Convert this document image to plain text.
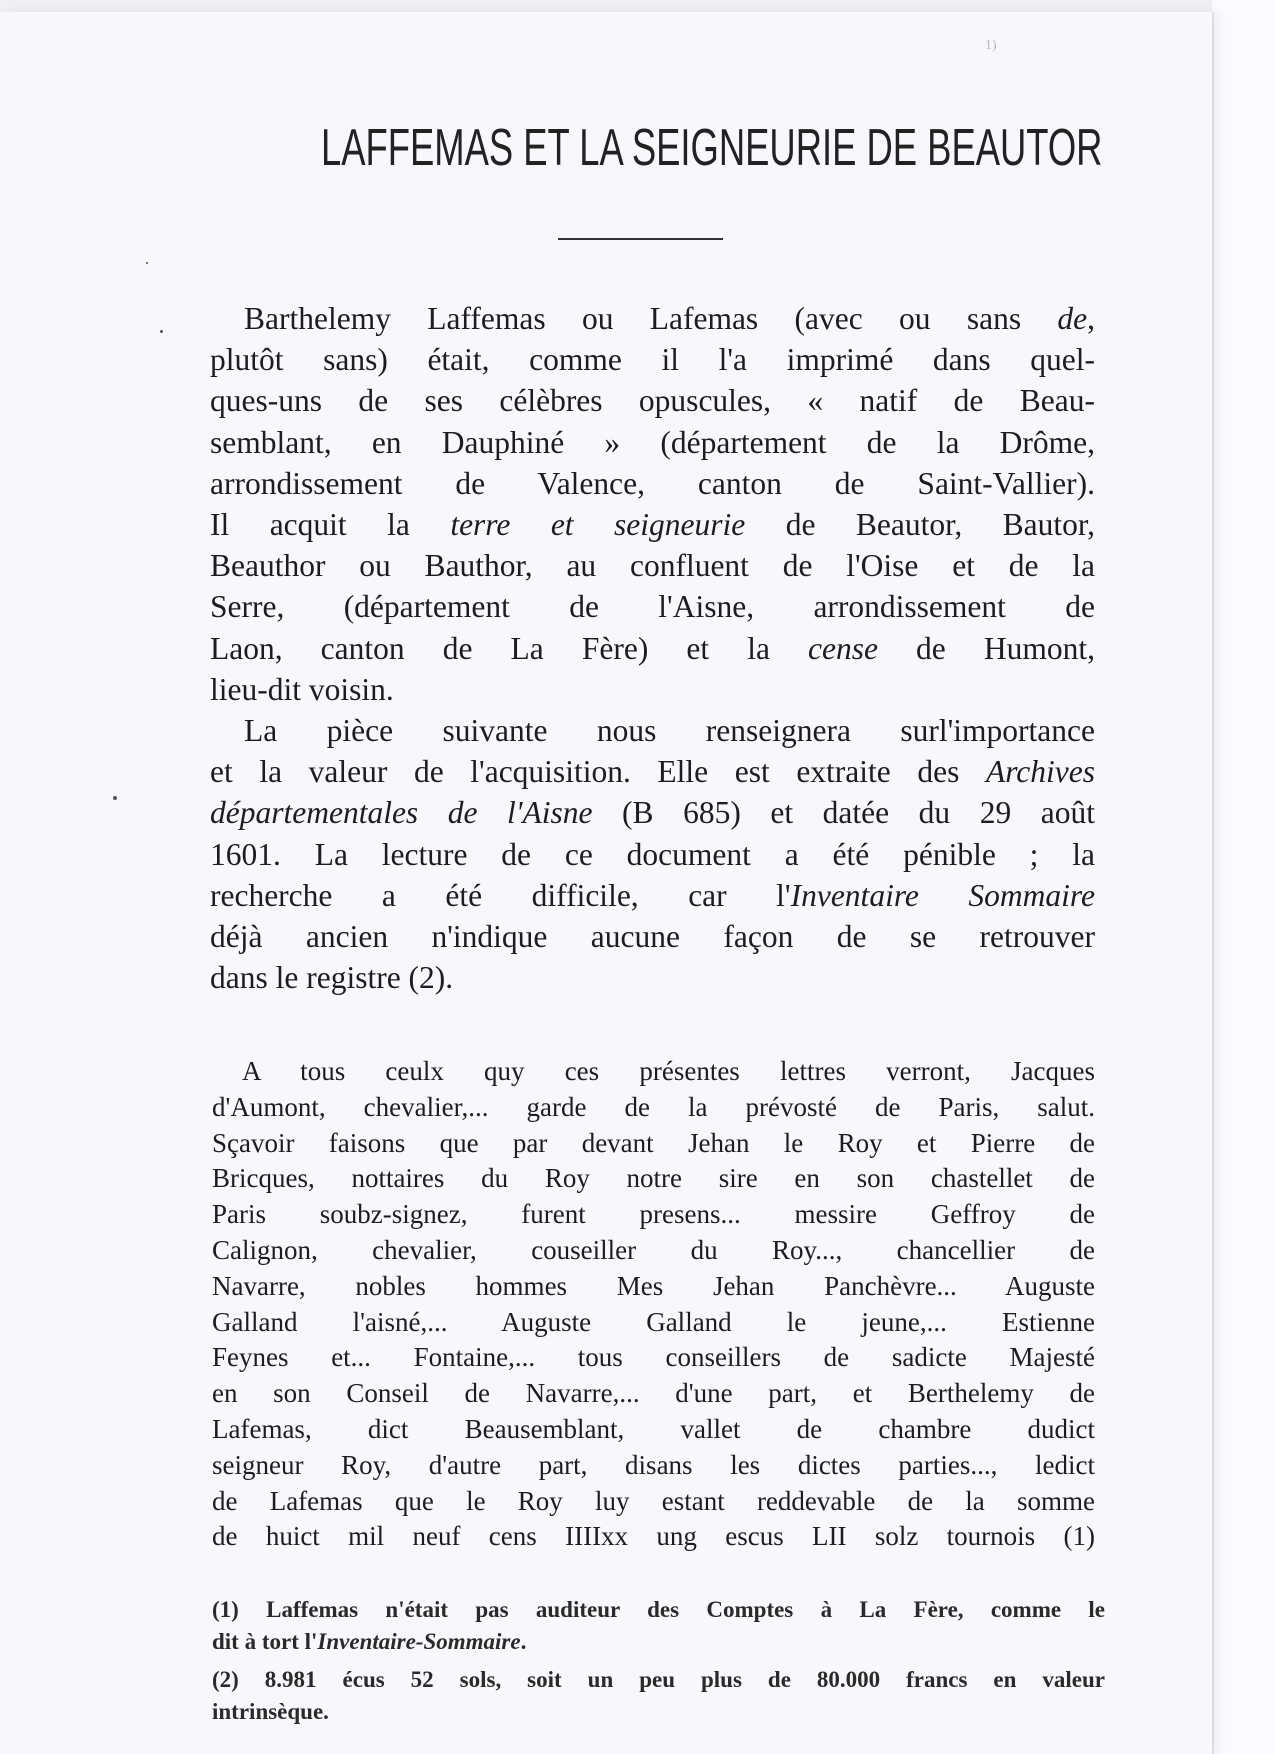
1)
LAFFEMAS ET LA SEIGNEURIE DE BEAUTOR
Barthelemy Laffemas ou Lafemas (avec ou sans de,
plutôt sans) était, comme il l'a imprimé dans quel-
ques-uns de ses célèbres opuscules, « natif de Beau-
semblant, en Dauphiné » (département de la Drôme,
arrondissement de Valence, canton de Saint-Vallier).
Il acquit la terre et seigneurie de Beautor, Bautor,
Beauthor ou Bauthor, au confluent de l'Oise et de la
Serre, (département de l'Aisne, arrondissement de
Laon, canton de La Fère) et la cense de Humont,
lieu-dit voisin.
La pièce suivante nous renseignera surl'importance
et la valeur de l'acquisition. Elle est extraite des Archives
départementales de l'Aisne (B 685) et datée du 29 août
1601. La lecture de ce document a été pénible ; la
recherche a été difficile, car l'Inventaire Sommaire
déjà ancien n'indique aucune façon de se retrouver
dans le registre (2).
A tous ceulx quy ces présentes lettres verront, Jacques
d'Aumont, chevalier,... garde de la prévosté de Paris, salut.
Sçavoir faisons que par devant Jehan le Roy et Pierre de
Bricques, nottaires du Roy notre sire en son chastellet de
Paris soubz-signez, furent presens... messire Geffroy de
Calignon, chevalier, couseiller du Roy..., chancellier de
Navarre, nobles hommes Mes Jehan Panchèvre... Auguste
Galland l'aisné,... Auguste Galland le jeune,... Estienne
Feynes et... Fontaine,... tous conseillers de sadicte Majesté
en son Conseil de Navarre,... d'une part, et Berthelemy de
Lafemas, dict Beausemblant, vallet de chambre dudict
seigneur Roy, d'autre part, disans les dictes parties..., ledict
de Lafemas que le Roy luy estant reddevable de la somme
de huict mil neuf cens IIIIxx ung escus LII solz tournois (1)
(1) Laffemas n'était pas auditeur des Comptes à La Fère, comme le
dit à tort l'Inventaire-Sommaire.
(2) 8.981 écus 52 sols, soit un peu plus de 80.000 francs en valeur
intrinsèque.
